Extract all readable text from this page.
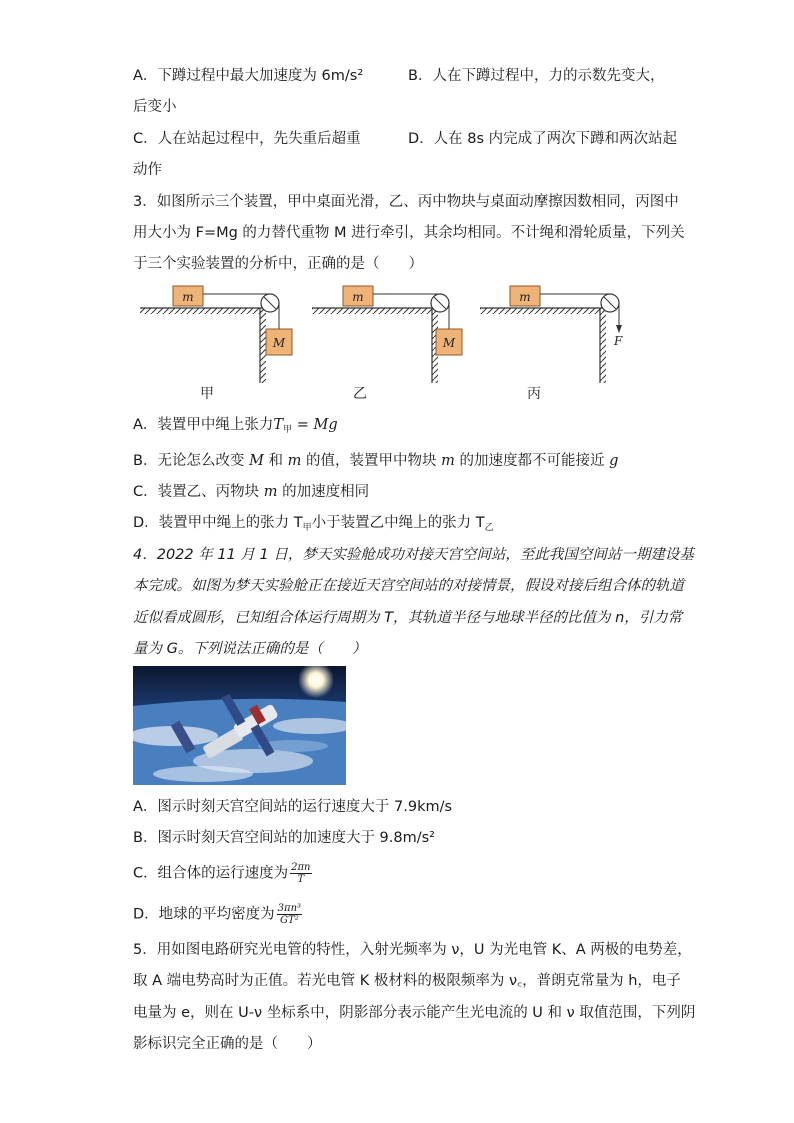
A．下蹲过程中最大加速度为 6m/s²	B．人在下蹲过程中，力的示数先变大，
后变小
C．人在站起过程中，先失重后超重	D．人在 8s 内完成了两次下蹲和两次站起
动作
3．如图所示三个装置，甲中桌面光滑，乙、丙中物块与桌面动摩擦因数相同，丙图中
用大小为 F=Mg 的力替代重物 M 进行牵引，其余均相同。不计绳和滑轮质量，下列关
于三个实验装置的分析中，正确的是（　　）
m
M
m
M
m
F
甲	乙	丙
A．装置甲中绳上张力$T_甲 = Mg$
B．无论怎么改变 M 和 m 的值，装置甲中物块 m 的加速度都不可能接近 g
C．装置乙、丙物块 m 的加速度相同
D．装置甲中绳上的张力 $T_甲$小于装置乙中绳上的张力 $T_乙$
4．2022 年 11 月 1 日，梦天实验舱成功对接天宫空间站，至此我国空间站一期建设基
本完成。如图为梦天实验舱正在接近天宫空间站的对接情景，假设对接后组合体的轨道
近似看成圆形，已知组合体运行周期为 T，其轨道半径与地球半径的比值为 n，引力常
量为 G。下列说法正确的是（　　）
A．图示时刻天宫空间站的运行速度大于 7.9km/s
B．图示时刻天宫空间站的加速度大于 9.8m/s²
C．组合体的运行速度为 $\frac{2\pi n}{T}$
D．地球的平均密度为 $\frac{\text{3πn³}}{\text{GT²}}$
5．用如图电路研究光电管的特性，入射光频率为 ν，U 为光电管 K、A 两极的电势差，
取 A 端电势高时为正值。若光电管 K 极材料的极限频率为 ν꜀，普朗克常量为 h，电子
电量为 e，则在 U-ν 坐标系中，阴影部分表示能产生光电流的 U 和 ν 取值范围，下列阴
影标识完全正确的是（　　）
